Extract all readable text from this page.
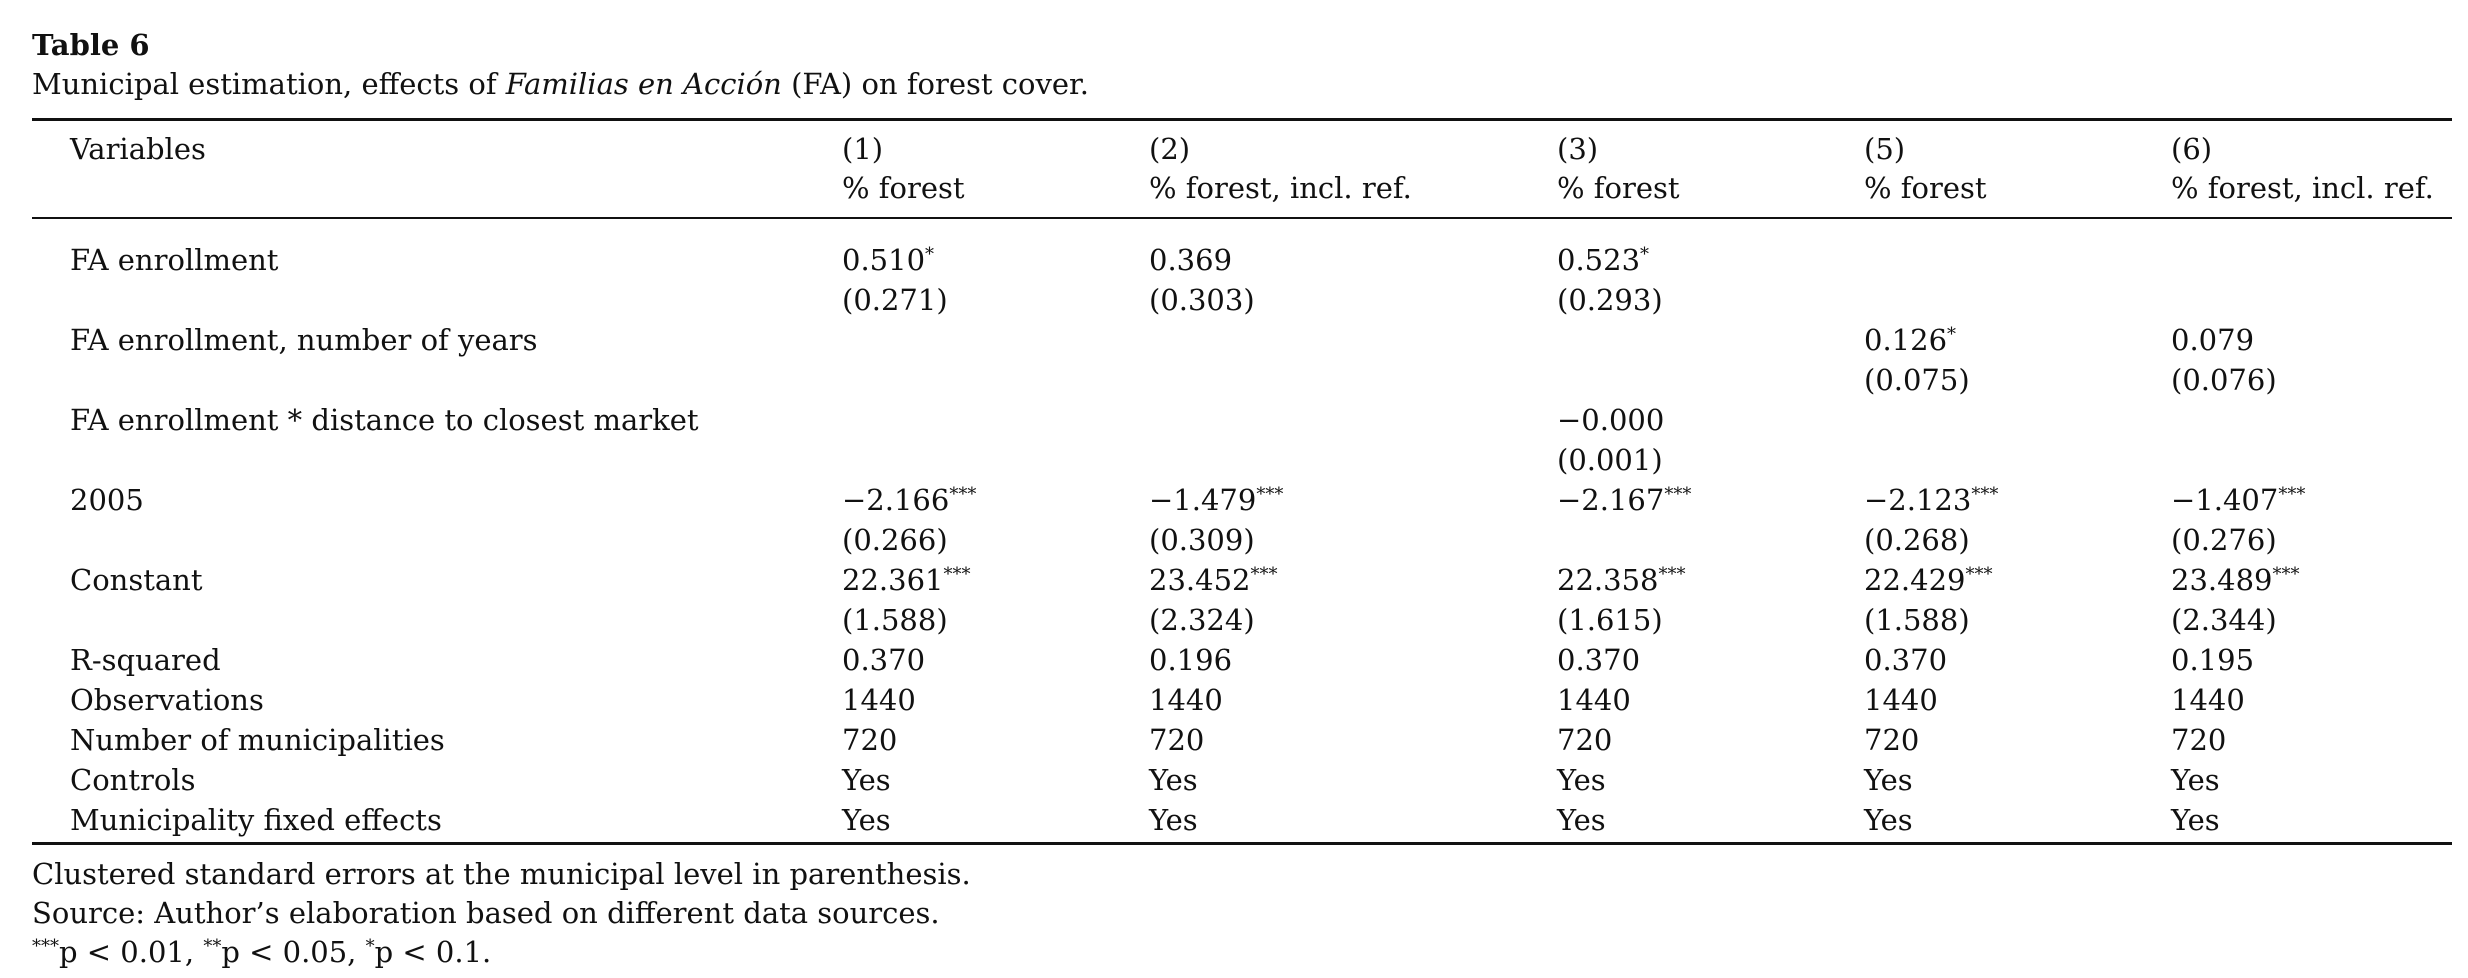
Table 6
Municipal estimation, effects of Familias en Acción (FA) on forest cover.
Variables	(1)	(2)	(3)	(5)	(6)
	% forest	% forest, incl. ref.	% forest	% forest	% forest, incl. ref.

FA enrollment	0.510*	0.369	0.523*		
	(0.271)	(0.303)	(0.293)		
FA enrollment, number of years				0.126*	0.079
				(0.075)	(0.076)
FA enrollment * distance to closest market			−0.000		
			(0.001)		
2005	−2.166***	−1.479***	−2.167***	−2.123***	−1.407***
	(0.266)	(0.309)		(0.268)	(0.276)
Constant	22.361***	23.452***	22.358***	22.429***	23.489***
	(1.588)	(2.324)	(1.615)	(1.588)	(2.344)
R-squared	0.370	0.196	0.370	0.370	0.195
Observations	1440	1440	1440	1440	1440
Number of municipalities	720	720	720	720	720
Controls	Yes	Yes	Yes	Yes	Yes
Municipality fixed effects	Yes	Yes	Yes	Yes	Yes
Clustered standard errors at the municipal level in parenthesis.
Source: Author’s elaboration based on different data sources.
***p < 0.01, **p < 0.05, *p < 0.1.
